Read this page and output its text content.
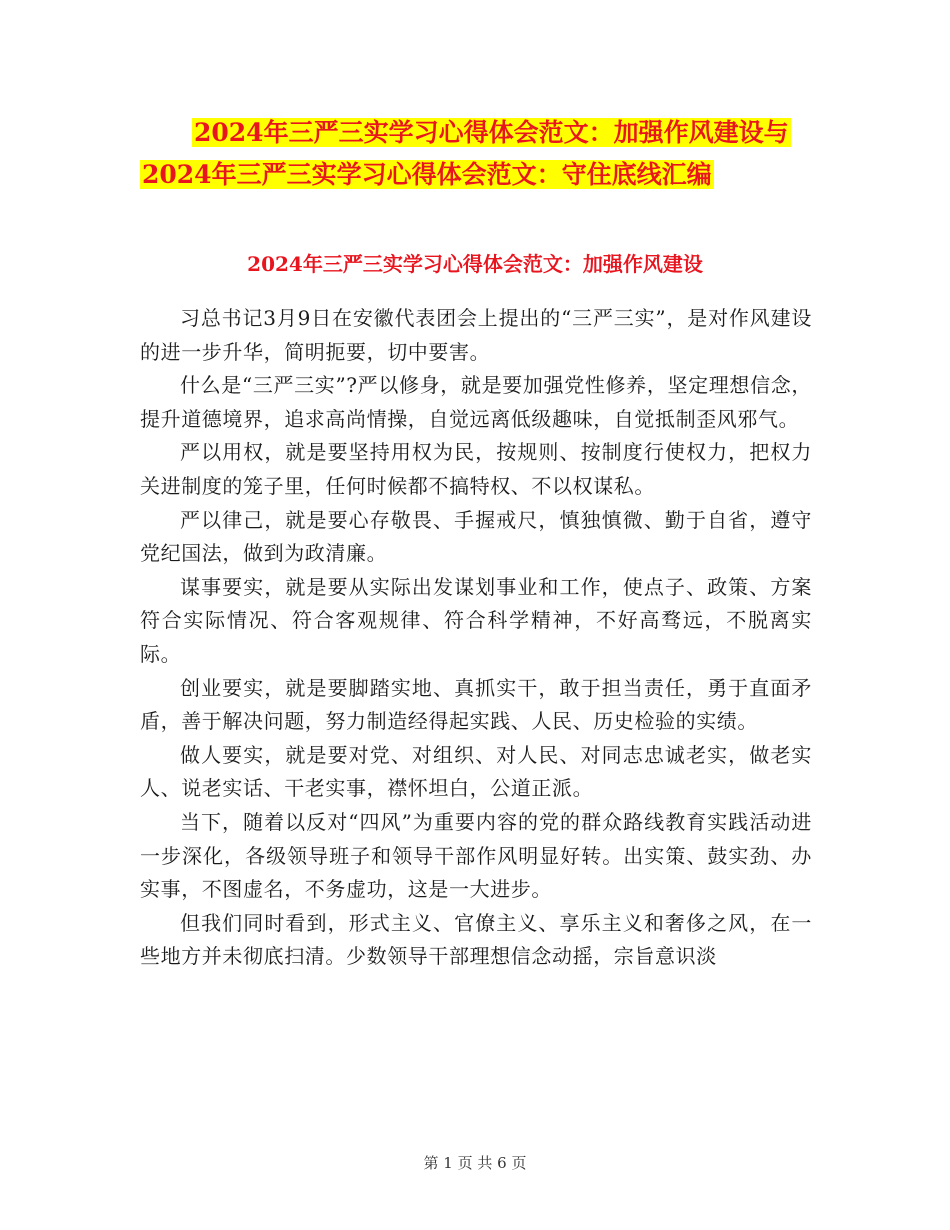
2024年三严三实学习心得体会范文：加强作风建设与
2024年三严三实学习心得体会范文：守住底线汇编
2024年三严三实学习心得体会范文：加强作风建设

习总书记3月9日在安徽代表团会上提出的“三严三实”，是对作风建设的进一步升华，简明扼要，切中要害。

什么是“三严三实”?严以修身，就是要加强党性修养，坚定理想信念，提升道德境界，追求高尚情操，自觉远离低级趣味，自觉抵制歪风邪气。

严以用权，就是要坚持用权为民，按规则、按制度行使权力，把权力关进制度的笼子里，任何时候都不搞特权、不以权谋私。

严以律己，就是要心存敬畏、手握戒尺，慎独慎微、勤于自省，遵守党纪国法，做到为政清廉。

谋事要实，就是要从实际出发谋划事业和工作，使点子、政策、方案符合实际情况、符合客观规律、符合科学精神，不好高骛远，不脱离实际。

创业要实，就是要脚踏实地、真抓实干，敢于担当责任，勇于直面矛盾，善于解决问题，努力制造经得起实践、人民、历史检验的实绩。

做人要实，就是要对党、对组织、对人民、对同志忠诚老实，做老实人、说老实话、干老实事，襟怀坦白，公道正派。

当下，随着以反对“四风”为重要内容的党的群众路线教育实践活动进一步深化，各级领导班子和领导干部作风明显好转。出实策、鼓实劲、办实事，不图虚名，不务虚功，这是一大进步。

但我们同时看到，形式主义、官僚主义、享乐主义和奢侈之风，在一些地方并未彻底扫清。少数领导干部理想信念动摇，宗旨意识淡

第 1 页 共 6 页
